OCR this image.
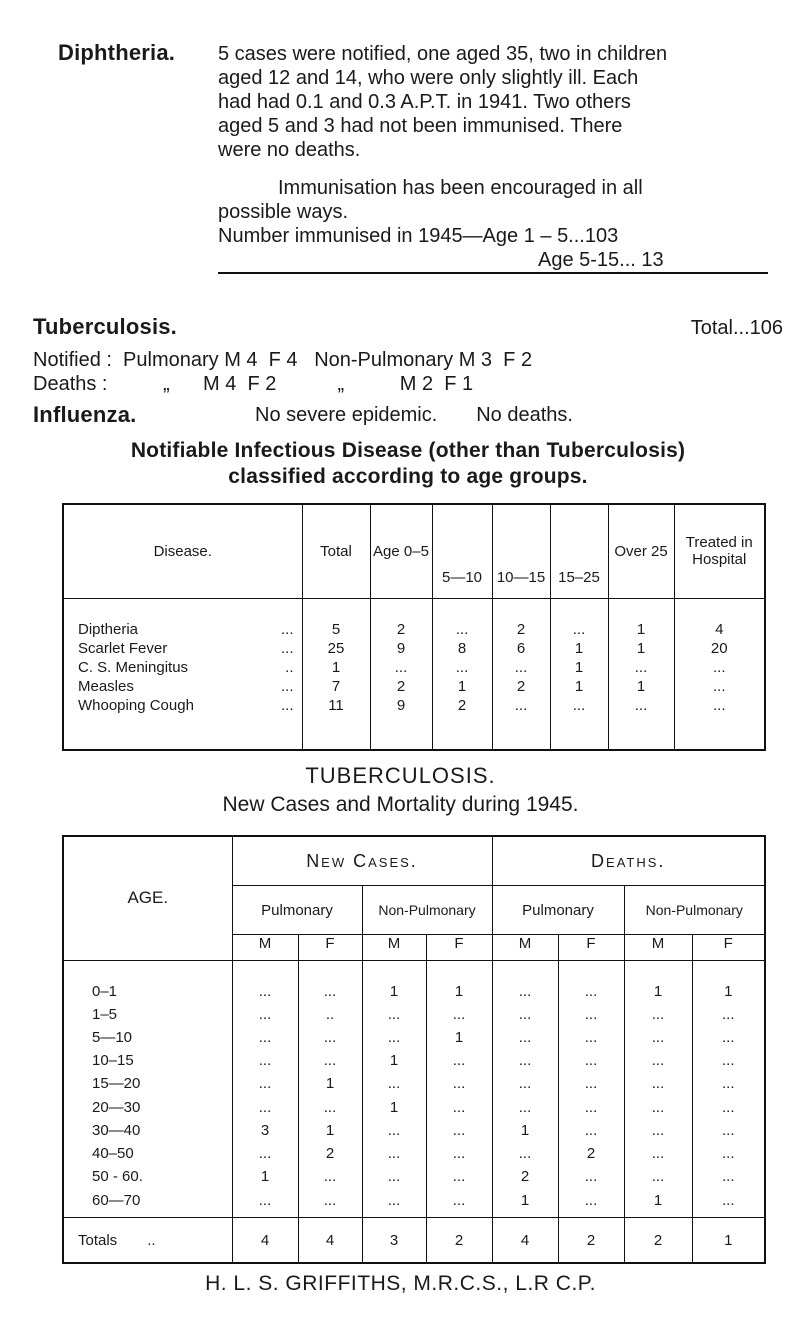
Diphtheria. 5 cases were notified, one aged 35, two in children

aged 12 and 14, who were only slightly ill. Each

had had 0.1 and 0.3 A.P.T. in 1941. Two others

aged 5 and 3 had not been immunised. There

were no deaths.

Immunisation has been encouraged in all

possible ways.

Number immunised in 1945—Age 1 – 5...103

Age 5-15... 13

Tuberculosis.	Total...106
Notified :  Pulmonary M 4  F 4   Non-Pulmonary M 3  F 2
Deaths :          „      M 4  F 2           „          M 2  F 1
Influenza.	No severe epidemic.       No deaths.
Notifiable Infectious Disease (other than Tuberculosis)
classified according to age groups.
Disease.	Total	Age 0–5	5—10	10—15	15–25	Over 25	Treated in Hospital
Diptheria ...	5	2	...	2	...	1	4
Scarlet Fever ...	25	9	8	6	1	1	20
C. S. Meningitus ..	1	...	...	...	1	...	...
Measles ...	7	2	1	2	1	1	...
Whooping Cough ...	11	9	2	...	...	...	...

TUBERCULOSIS.
New Cases and Mortality during 1945.
AGE.	New Cases.				Deaths.			
	Pulmonary		Non-Pulmonary		Pulmonary		Non-Pulmonary	
	M	F	M	F	M	F	M	F
0–1	...	...	1	1	...	...	1	1
1–5	...	..	...	...	...	...	...	...
5—10	...	...	...	1	...	...	...	...
10–15	...	...	1	...	...	...	...	...
15—20	...	1	...	...	...	...	...	...
20—30	...	...	1	...	...	...	...	...
30—40	3	1	...	...	1	...	...	...
40–50	...	2	...	...	...	2	...	...
50 - 60.	1	...	...	...	2	...	...	...
60—70	...	...	...	...	1	...	1	...

Totals ..	4	4	3	2	4	2	2	1
H. L. S. GRIFFITHS, M.R.C.S., L.R C.P.
